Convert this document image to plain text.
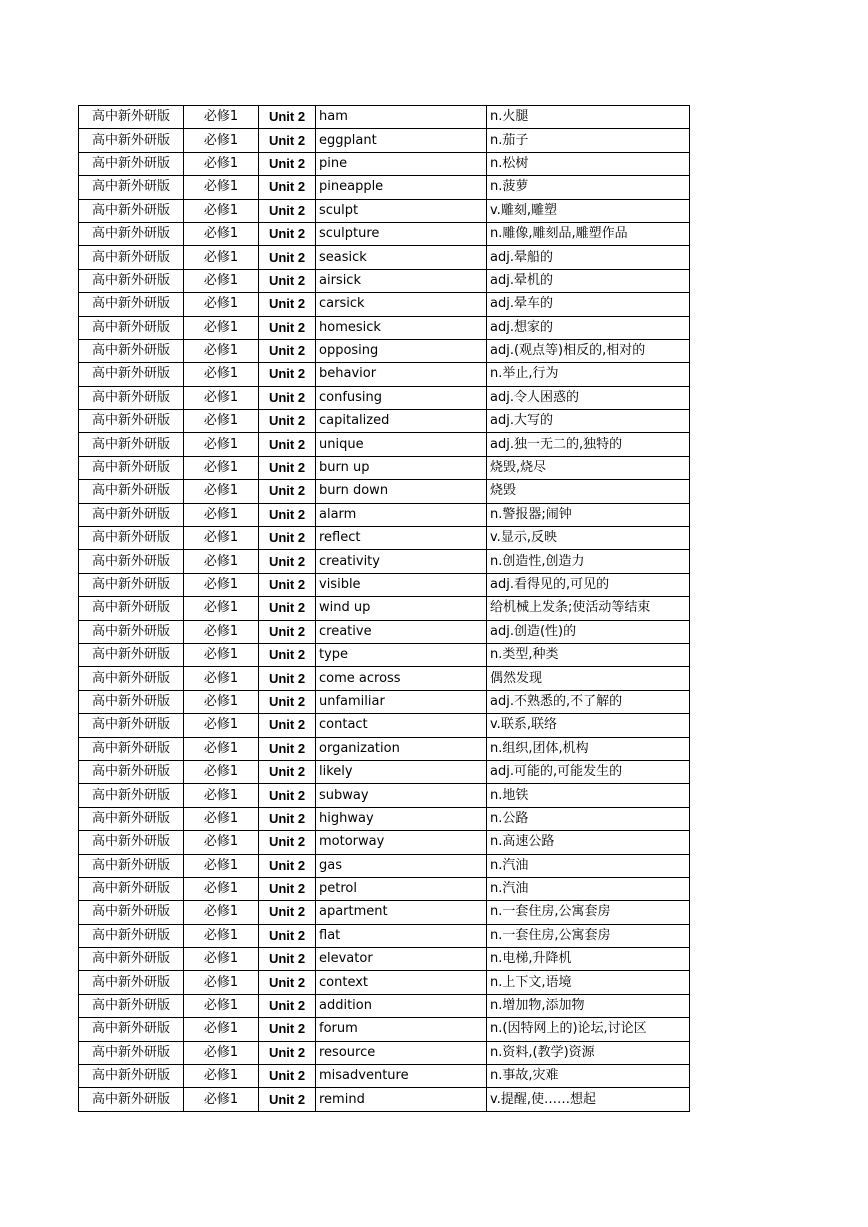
高中新外研版	必修1	Unit 2	ham	n.火腿
高中新外研版	必修1	Unit 2	eggplant	n.茄子
高中新外研版	必修1	Unit 2	pine	n.松树
高中新外研版	必修1	Unit 2	pineapple	n.菠萝
高中新外研版	必修1	Unit 2	sculpt	v.雕刻,雕塑
高中新外研版	必修1	Unit 2	sculpture	n.雕像,雕刻品,雕塑作品
高中新外研版	必修1	Unit 2	seasick	adj.晕船的
高中新外研版	必修1	Unit 2	airsick	adj.晕机的
高中新外研版	必修1	Unit 2	carsick	adj.晕车的
高中新外研版	必修1	Unit 2	homesick	adj.想家的
高中新外研版	必修1	Unit 2	opposing	adj.(观点等)相反的,相对的
高中新外研版	必修1	Unit 2	behavior	n.举止,行为
高中新外研版	必修1	Unit 2	confusing	adj.令人困惑的
高中新外研版	必修1	Unit 2	capitalized	adj.大写的
高中新外研版	必修1	Unit 2	unique	adj.独一无二的,独特的
高中新外研版	必修1	Unit 2	burn up	烧毁,烧尽
高中新外研版	必修1	Unit 2	burn down	烧毁
高中新外研版	必修1	Unit 2	alarm	n.警报器;闹钟
高中新外研版	必修1	Unit 2	reflect	v.显示,反映
高中新外研版	必修1	Unit 2	creativity	n.创造性,创造力
高中新外研版	必修1	Unit 2	visible	adj.看得见的,可见的
高中新外研版	必修1	Unit 2	wind up	给机械上发条;使活动等结束
高中新外研版	必修1	Unit 2	creative	adj.创造(性)的
高中新外研版	必修1	Unit 2	type	n.类型,种类
高中新外研版	必修1	Unit 2	come across	偶然发现
高中新外研版	必修1	Unit 2	unfamiliar	adj.不熟悉的,不了解的
高中新外研版	必修1	Unit 2	contact	v.联系,联络
高中新外研版	必修1	Unit 2	organization	n.组织,团体,机构
高中新外研版	必修1	Unit 2	likely	adj.可能的,可能发生的
高中新外研版	必修1	Unit 2	subway	n.地铁
高中新外研版	必修1	Unit 2	highway	n.公路
高中新外研版	必修1	Unit 2	motorway	n.高速公路
高中新外研版	必修1	Unit 2	gas	n.汽油
高中新外研版	必修1	Unit 2	petrol	n.汽油
高中新外研版	必修1	Unit 2	apartment	n.一套住房,公寓套房
高中新外研版	必修1	Unit 2	flat	n.一套住房,公寓套房
高中新外研版	必修1	Unit 2	elevator	n.电梯,升降机
高中新外研版	必修1	Unit 2	context	n.上下文,语境
高中新外研版	必修1	Unit 2	addition	n.增加物,添加物
高中新外研版	必修1	Unit 2	forum	n.(因特网上的)论坛,讨论区
高中新外研版	必修1	Unit 2	resource	n.资料,(教学)资源
高中新外研版	必修1	Unit 2	misadventure	n.事故,灾难
高中新外研版	必修1	Unit 2	remind	v.提醒,使……想起
